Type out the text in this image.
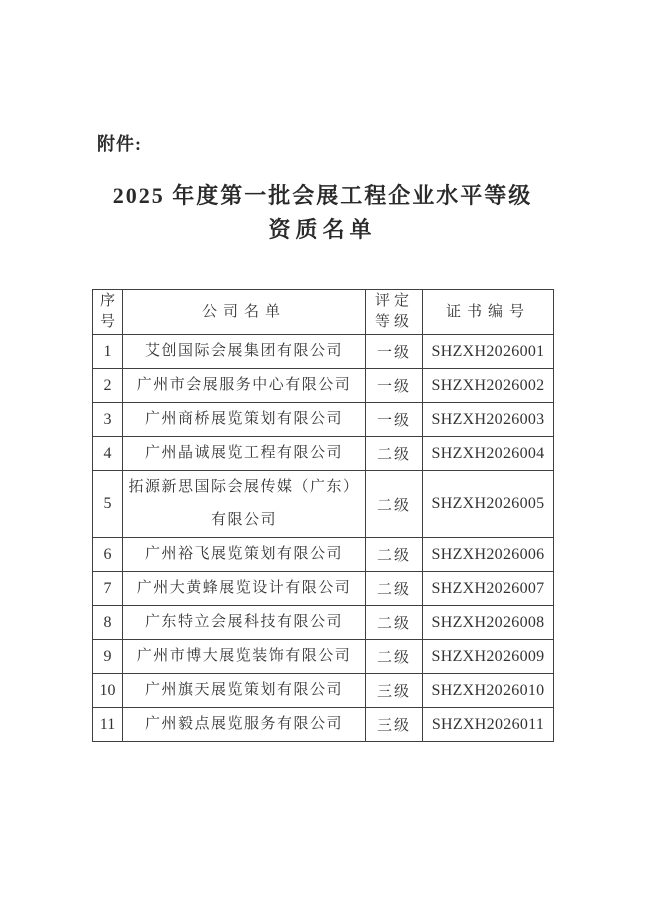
附件:
2025 年度第一批会展工程企业水平等级
资质名单
序号	公司名单	评定等级	证书编号
1	艾创国际会展集团有限公司	一级	SHZXH2026001
2	广州市会展服务中心有限公司	一级	SHZXH2026002
3	广州商桥展览策划有限公司	一级	SHZXH2026003
4	广州晶诚展览工程有限公司	二级	SHZXH2026004
5	拓源新思国际会展传媒（广东）有限公司	二级	SHZXH2026005
6	广州裕飞展览策划有限公司	二级	SHZXH2026006
7	广州大黄蜂展览设计有限公司	二级	SHZXH2026007
8	广东特立会展科技有限公司	二级	SHZXH2026008
9	广州市博大展览装饰有限公司	二级	SHZXH2026009
10	广州旗天展览策划有限公司	三级	SHZXH2026010
11	广州毅点展览服务有限公司	三级	SHZXH2026011
